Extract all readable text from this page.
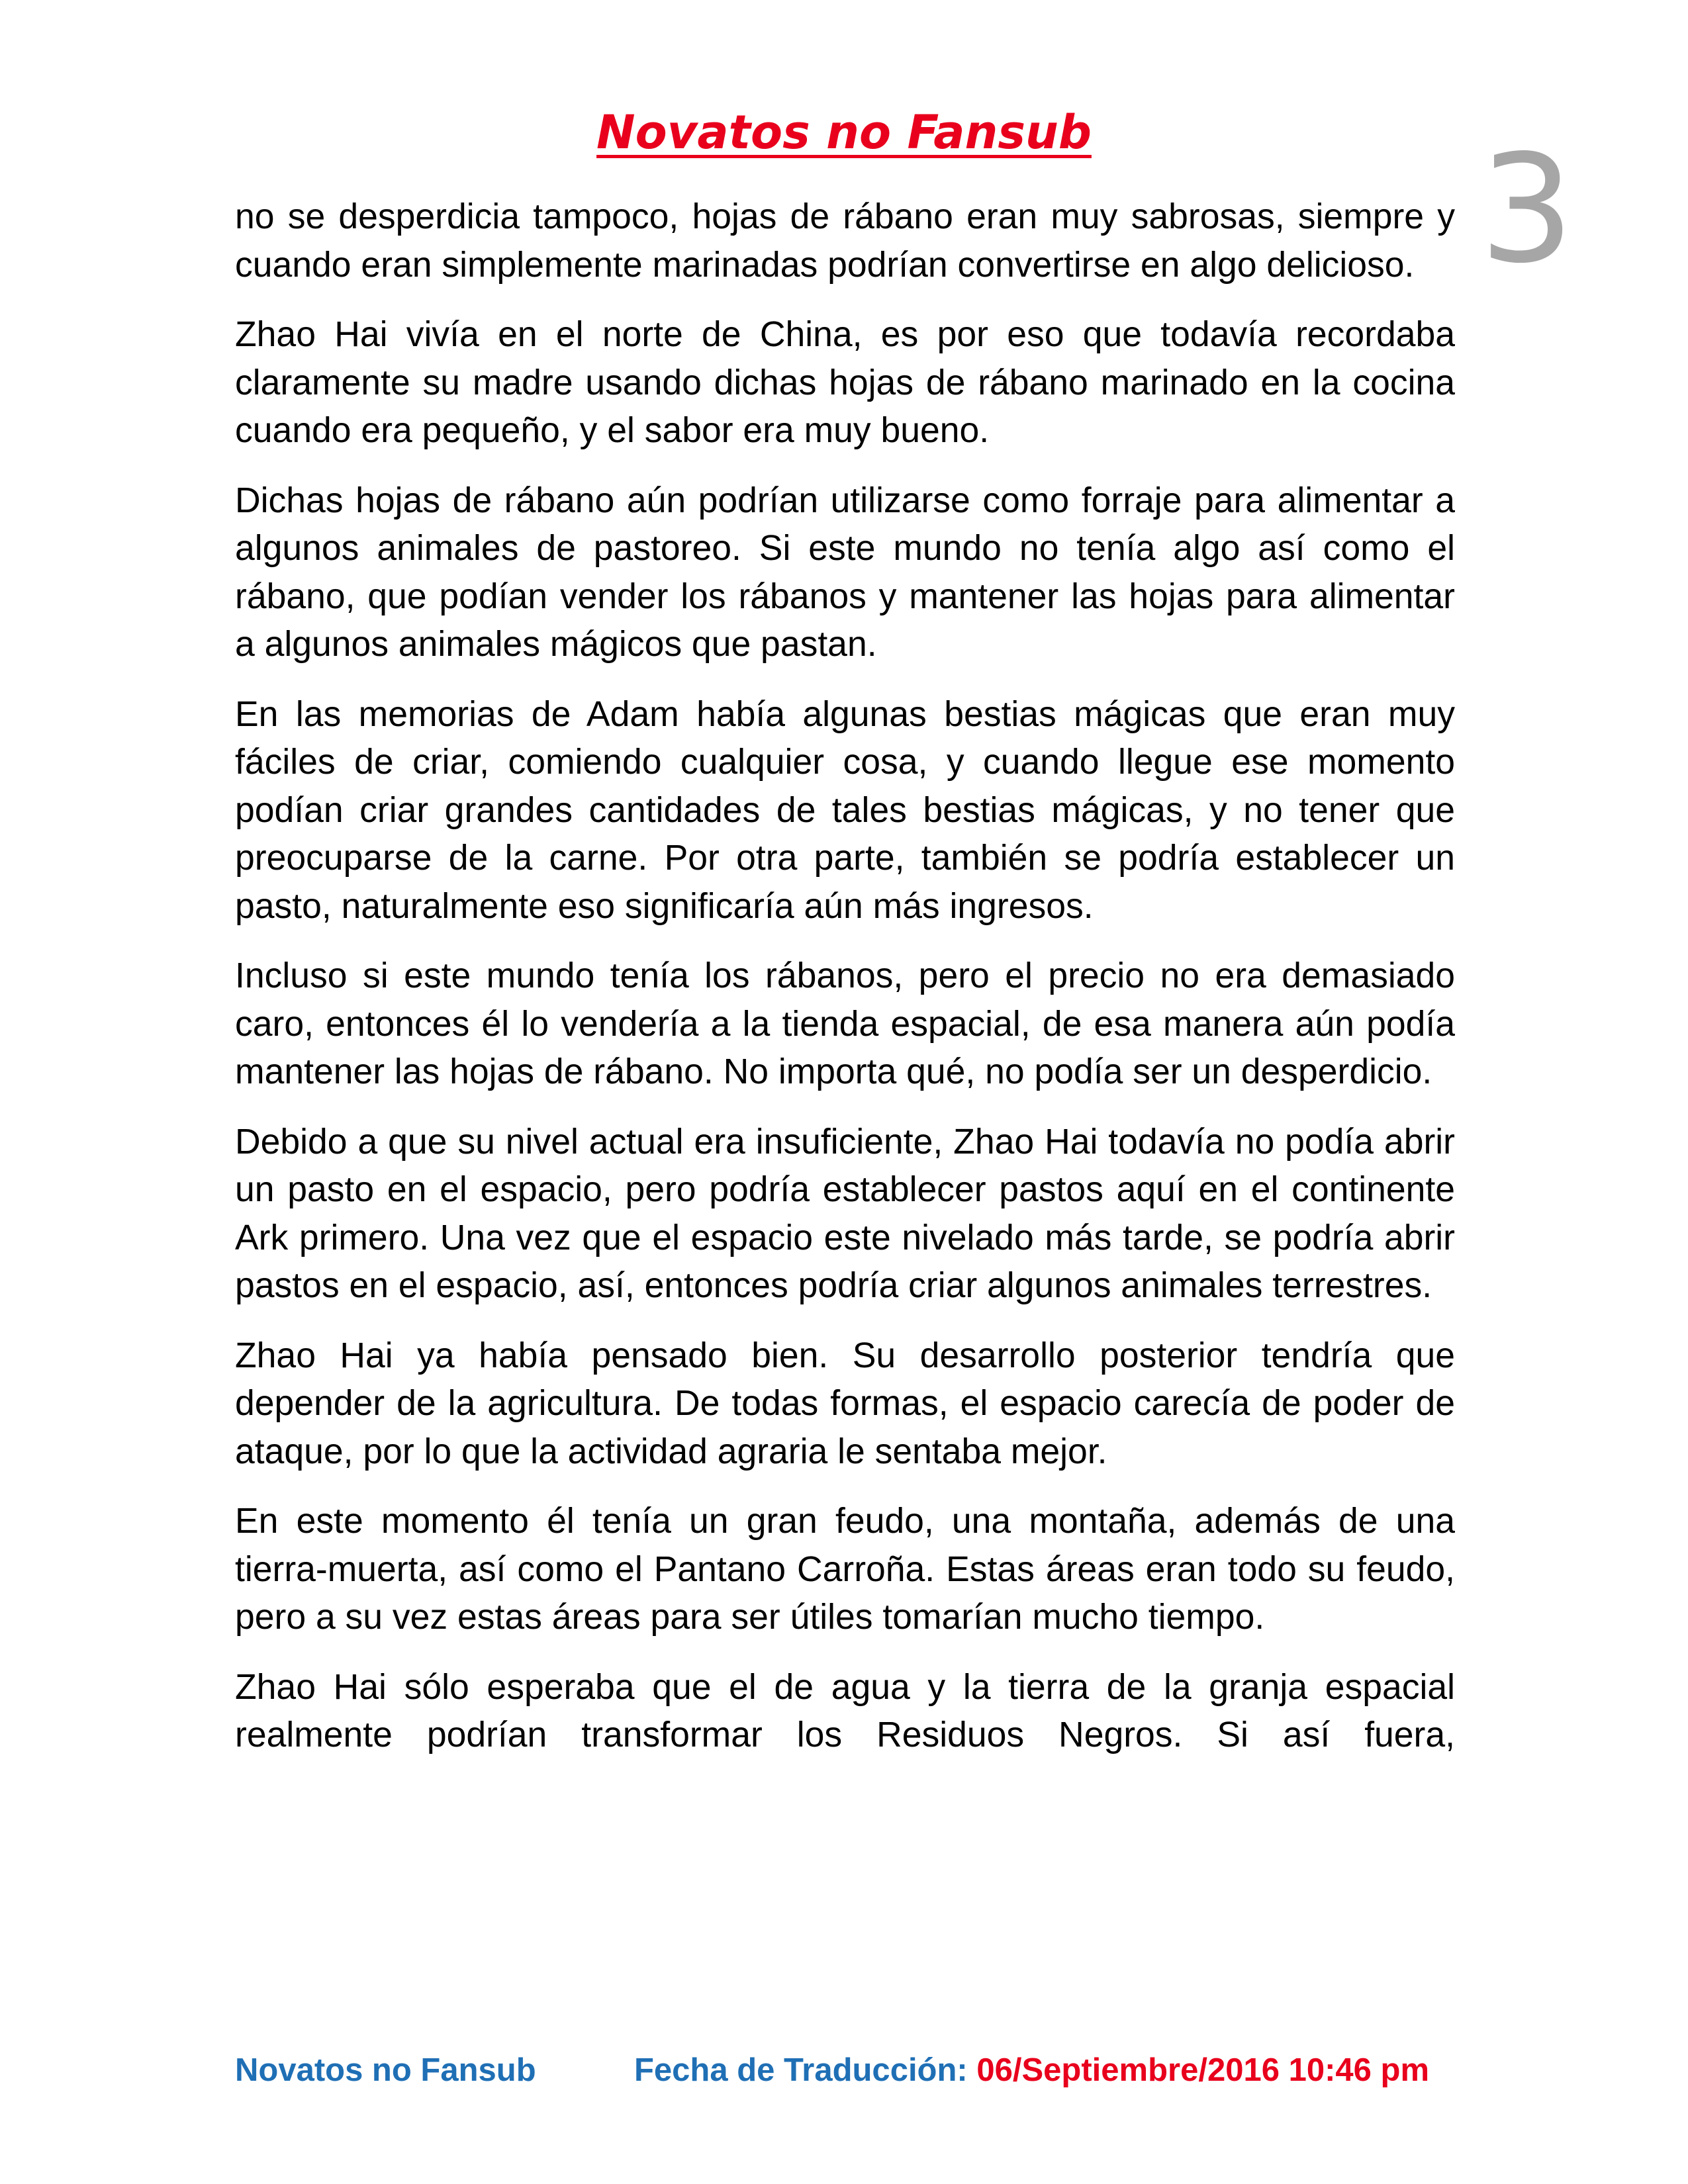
Novatos no Fansub	3

no se desperdicia tampoco, hojas de rábano eran muy sabrosas, siempre y cuando eran simplemente marinadas podrían convertirse en algo delicioso.

Zhao Hai vivía en el norte de China, es por eso que todavía recordaba claramente su madre usando dichas hojas de rábano marinado en la cocina cuando era pequeño, y el sabor era muy bueno.

Dichas hojas de rábano aún podrían utilizarse como forraje para alimentar a algunos animales de pastoreo. Si este mundo no tenía algo así como el rábano, que podían vender los rábanos y mantener las hojas para alimentar a algunos animales mágicos que pastan.

En las memorias de Adam había algunas bestias mágicas que eran muy fáciles de criar, comiendo cualquier cosa, y cuando llegue ese momento podían criar grandes cantidades de tales bestias mágicas, y no tener que preocuparse de la carne. Por otra parte, también se podría establecer un pasto, naturalmente eso significaría aún más ingresos.

Incluso si este mundo tenía los rábanos, pero el precio no era demasiado caro, entonces él lo vendería a la tienda espacial, de esa manera aún podía mantener las hojas de rábano. No importa qué, no podía ser un desperdicio.

Debido a que su nivel actual era insuficiente, Zhao Hai todavía no podía abrir un pasto en el espacio, pero podría establecer pastos aquí en el continente Ark primero. Una vez que el espacio este nivelado más tarde, se podría abrir pastos en el espacio, así, entonces podría criar algunos animales terrestres.

Zhao Hai ya había pensado bien. Su desarrollo posterior tendría que depender de la agricultura. De todas formas, el espacio carecía de poder de ataque, por lo que la actividad agraria le sentaba mejor.

En este momento él tenía un gran feudo, una montaña, además de una tierra-muerta, así como el Pantano Carroña. Estas áreas eran todo su feudo, pero a su vez estas áreas para ser útiles tomarían mucho tiempo.

Zhao Hai sólo esperaba que el de agua y la tierra de la granja espacial realmente podrían transformar los Residuos Negros. Si así fuera,

Novatos no Fansub	Fecha de Traducción: 06/Septiembre/2016 10:46 pm
